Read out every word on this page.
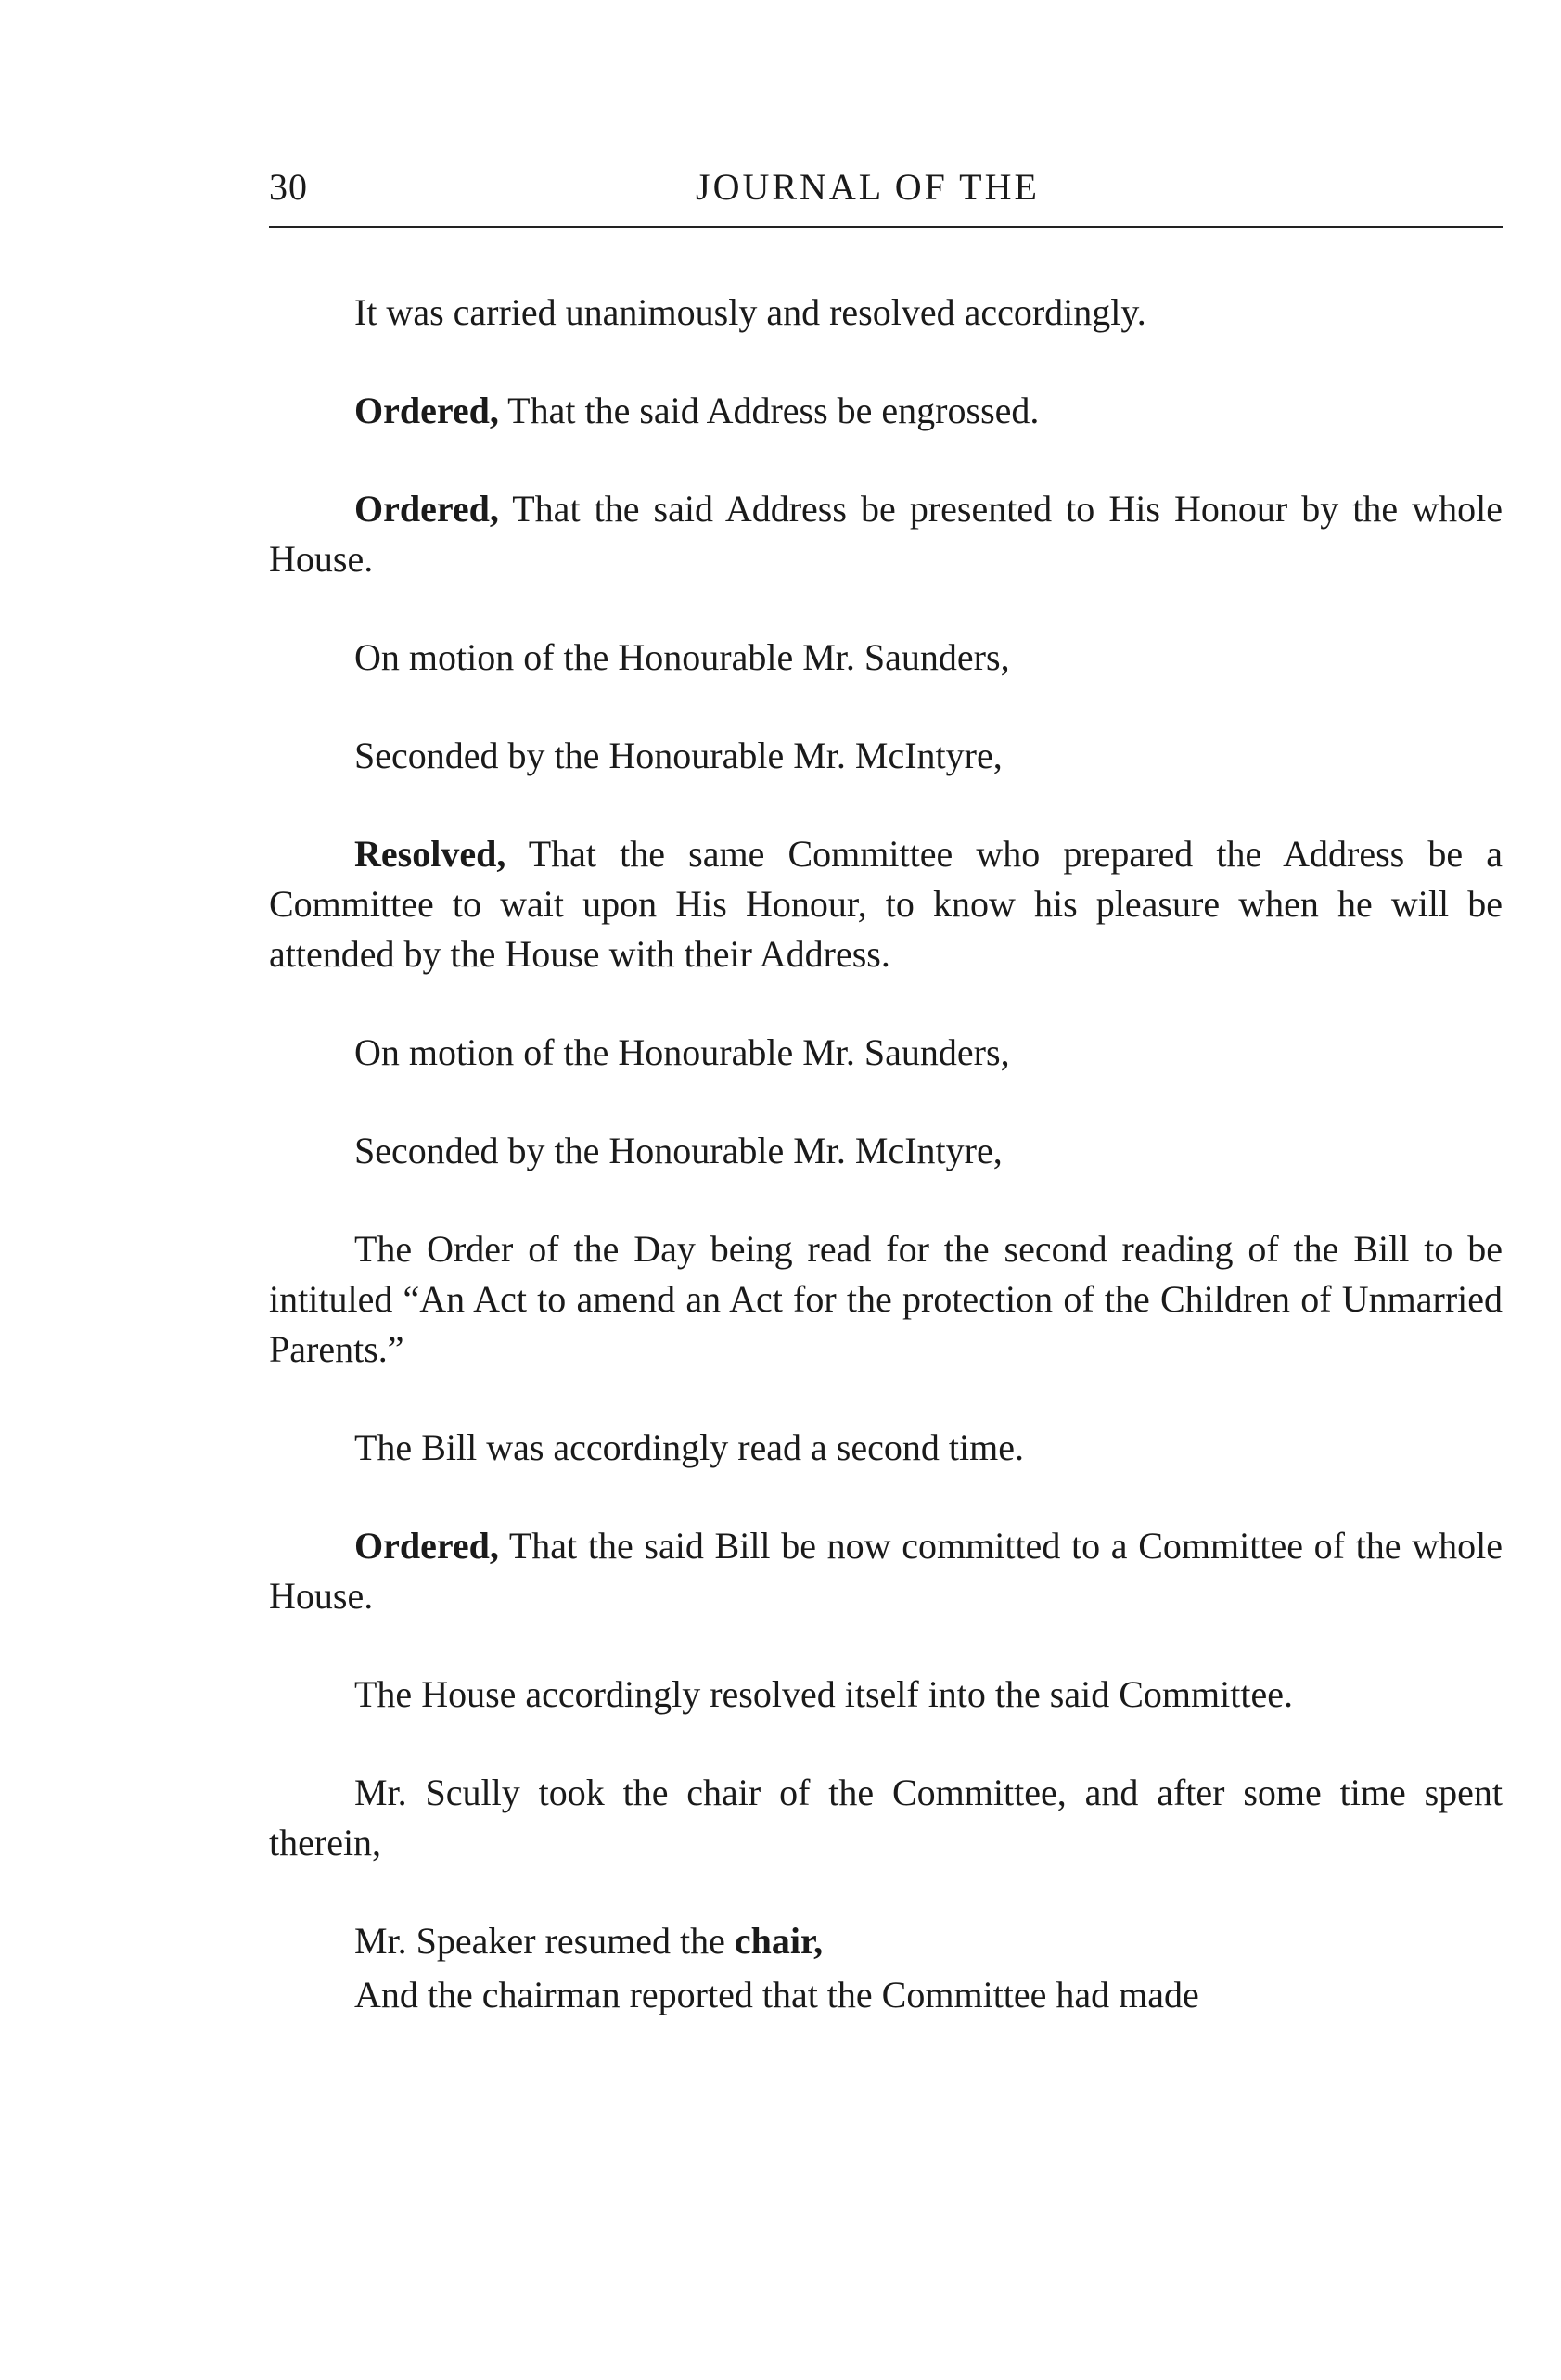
30	JOURNAL OF THE

It was carried unanimously and resolved accordingly.

Ordered, That the said Address be engrossed.

Ordered, That the said Address be presented to His Honour by the whole House.

On motion of the Honourable Mr. Saunders,

Seconded by the Honourable Mr. McIntyre,

Resolved, That the same Committee who prepared the Address be a Committee to wait upon His Honour, to know his pleasure when he will be attended by the House with their Address.

On motion of the Honourable Mr. Saunders,

Seconded by the Honourable Mr. McIntyre,

The Order of the Day being read for the second reading of the Bill to be intituled “An Act to amend an Act for the protection of the Children of Unmarried Parents.”

The Bill was accordingly read a second time.

Ordered, That the said Bill be now committed to a Committee of the whole House.

The House accordingly resolved itself into the said Committee.

Mr. Scully took the chair of the Committee, and after some time spent therein,

Mr. Speaker resumed the chair,

And the chairman reported that the Committee had made
